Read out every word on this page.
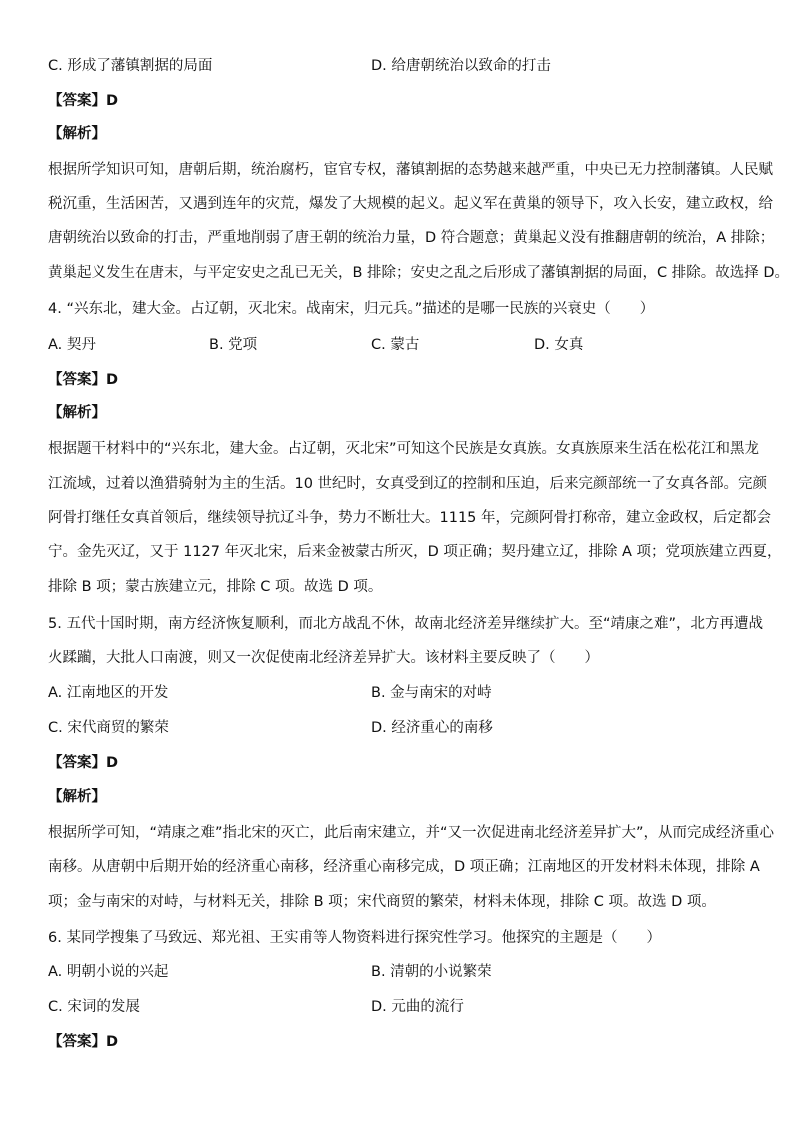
C. 形成了藩镇割据的局面	D. 给唐朝统治以致命的打击
【答案】D
【解析】
根据所学知识可知，唐朝后期，统治腐朽，宦官专权，藩镇割据的态势越来越严重，中央已无力控制藩镇。人民赋
税沉重，生活困苦，又遇到连年的灾荒，爆发了大规模的起义。起义军在黄巢的领导下，攻入长安，建立政权，给
唐朝统治以致命的打击，严重地削弱了唐王朝的统治力量，D 符合题意；黄巢起义没有推翻唐朝的统治，A 排除；
黄巢起义发生在唐末，与平定安史之乱已无关，B 排除；安史之乱之后形成了藩镇割据的局面，C 排除。故选择 D。
4. “兴东北，建大金。占辽朝，灭北宋。战南宋，归元兵。”描述的是哪一民族的兴衰史（　　）
A. 契丹	B. 党项	C. 蒙古	D. 女真
【答案】D
【解析】
根据题干材料中的“兴东北，建大金。占辽朝，灭北宋”可知这个民族是女真族。女真族原来生活在松花江和黑龙
江流域，过着以渔猎骑射为主的生活。10 世纪时，女真受到辽的控制和压迫，后来完颜部统一了女真各部。完颜
阿骨打继任女真首领后，继续领导抗辽斗争，势力不断壮大。1115 年，完颜阿骨打称帝，建立金政权，后定都会
宁。金先灭辽，又于 1127 年灭北宋，后来金被蒙古所灭，D 项正确；契丹建立辽，排除 A 项；党项族建立西夏，
排除 B 项；蒙古族建立元，排除 C 项。故选 D 项。
5. 五代十国时期，南方经济恢复顺利，而北方战乱不休，故南北经济差异继续扩大。至“靖康之难”，北方再遭战
火蹂躏，大批人口南渡，则又一次促使南北经济差异扩大。该材料主要反映了（　　）
A. 江南地区的开发	B. 金与南宋的对峙
C. 宋代商贸的繁荣	D. 经济重心的南移
【答案】D
【解析】
根据所学可知，“靖康之难”指北宋的灭亡，此后南宋建立，并“又一次促进南北经济差异扩大”，从而完成经济重心
南移。从唐朝中后期开始的经济重心南移，经济重心南移完成，D 项正确；江南地区的开发材料未体现，排除 A
项；金与南宋的对峙，与材料无关，排除 B 项；宋代商贸的繁荣，材料未体现，排除 C 项。故选 D 项。
6. 某同学搜集了马致远、郑光祖、王实甫等人物资料进行探究性学习。他探究的主题是（　　）
A. 明朝小说的兴起	B. 清朝的小说繁荣
C. 宋词的发展	D. 元曲的流行
【答案】D
